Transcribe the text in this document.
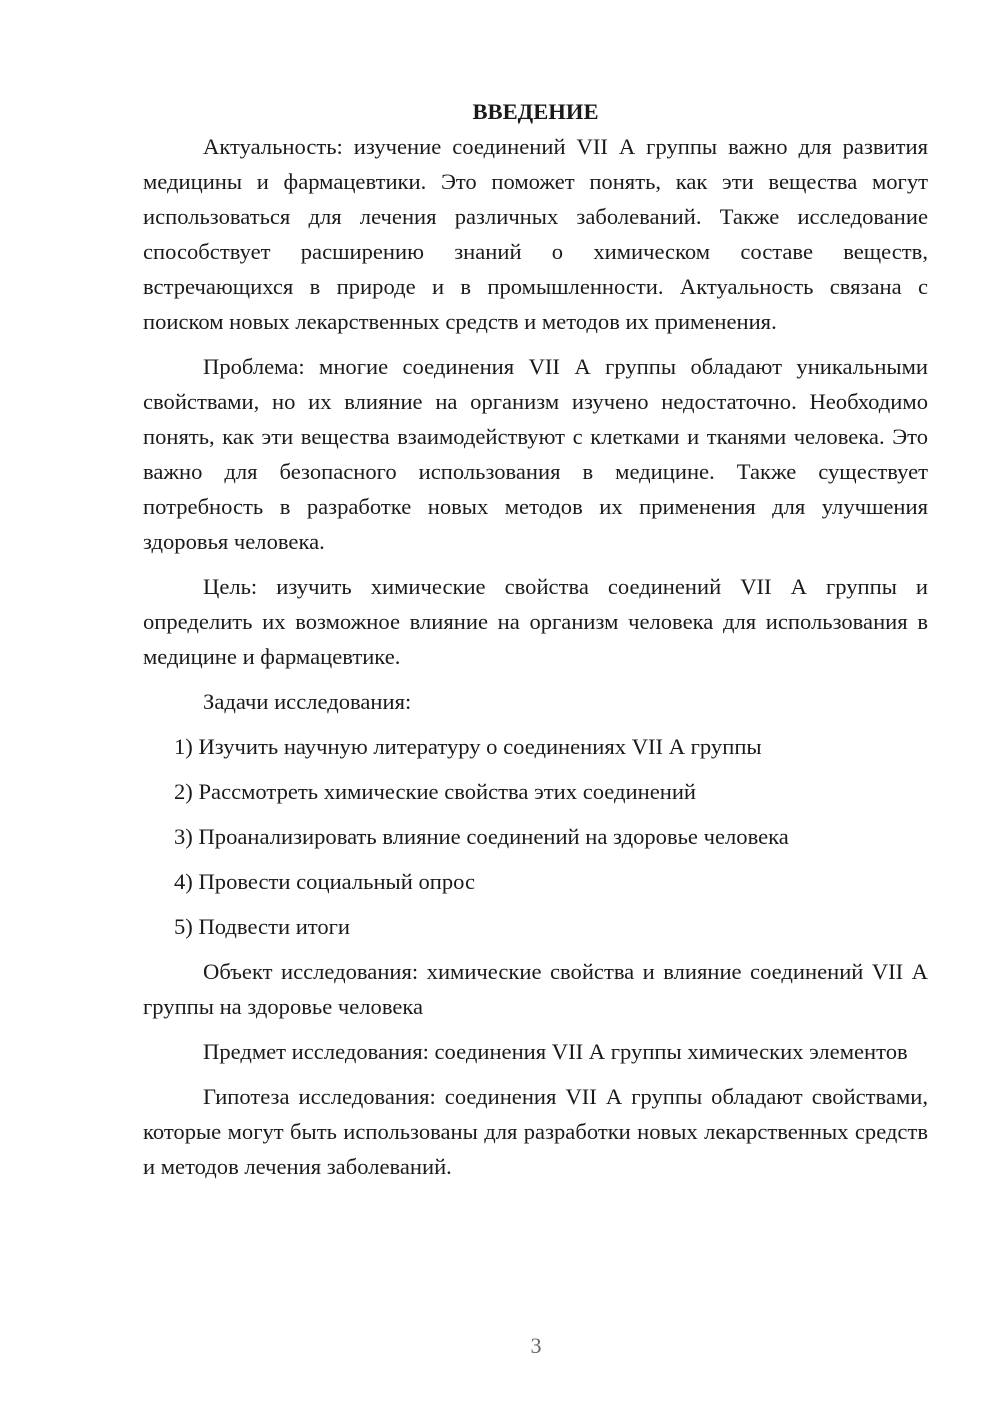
ВВЕДЕНИЕ

Актуальность: изучение соединений VII А группы важно для развития медицины и фармацевтики. Это поможет понять, как эти вещества могут использоваться для лечения различных заболеваний. Также исследование способствует расширению знаний о химическом составе веществ, встречающихся в природе и в промышленности. Актуальность связана с поиском новых лекарственных средств и методов их применения.

Проблема: многие соединения VII А группы обладают уникальными свойствами, но их влияние на организм изучено недостаточно. Необходимо понять, как эти вещества взаимодействуют с клетками и тканями человека. Это важно для безопасного использования в медицине. Также существует потребность в разработке новых методов их применения для улучшения здоровья человека.

Цель: изучить химические свойства соединений VII А группы и определить их возможное влияние на организм человека для использования в медицине и фармацевтике.

Задачи исследования:

1) Изучить научную литературу о соединениях VII А группы
2) Рассмотреть химические свойства этих соединений
3) Проанализировать влияние соединений на здоровье человека
4) Провести социальный опрос
5) Подвести итоги

Объект исследования: химические свойства и влияние соединений VII А группы на здоровье человека

Предмет исследования: соединения VII А группы химических элементов

Гипотеза исследования: соединения VII А группы обладают свойствами, которые могут быть использованы для разработки новых лекарственных средств и методов лечения заболеваний.

3
